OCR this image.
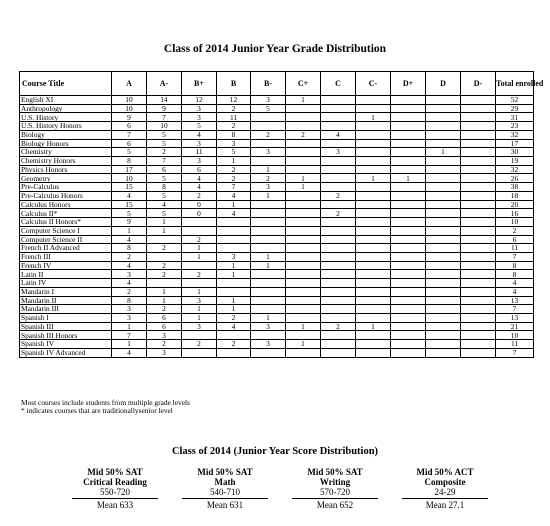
Class of 2014 Junior Year Grade Distribution
Course Title	A	A-	B+	B	B-	C+	C	C-	D+	D	D-	Total enrolled
English XI	10	14	12	12	3	1						52
Anthropology	10	9	3	2	5							29
U.S. History	9	7	3	11				1				31
U.S. History Honors	6	10	5	2								23
Biology	7	5	4	8	2	2	4					32
Biology Honors	6	5	3	3								17
Chemistry	5	2	11	5	3		3			1		30
Chemistry Honors	8	7	3	1								19
Physics Honors	17	6	6	2	1							32
Geometry	10	5	4	2	2	1		1	1			26
Pre-Calculus	15	8	4	7	3	1						38
Pre-Calculus Honors	4	5	2	4	1		2					18
Calculus Honors	15	4	0	1								20
Calculus II*	5	5	0	4			2					16
Calculus II Honors*	9	1										10
Computer Science I	1	1										2
Computer Science II	4		2									6
French II Advanced	8	2	1									11
French III	2		1	3	1							7
French IV	4	2		1	1							8
Latin II	3	2	2	1								8
Latin IV	4											4
Mandarin I	2	1	1									4
Mandarin II	8	1	3	1								13
Mandarin III	3	2	1	1								7
Spanish I	3	6	1	2	1							13
Spanish III	1	6	3	4	3	1	2	1				21
Spanish III Honors	7	3										10
Spanish IV	1	2	2	2	3	1						11
Spanish IV Advanced	4	3										7
Most courses include students from multiple grade levels
* indicates courses that are traditionallysenior level
Class of 2014 (Junior Year Score Distribution)
Mid 50% SAT
Critical Reading
550-720
Mean 633
Mid 50% SAT
Math
540-710
Mean 631
Mid 50% SAT
Writing
570-720
Mean 652
Mid 50% ACT
Composite
24-29
Mean 27.1
